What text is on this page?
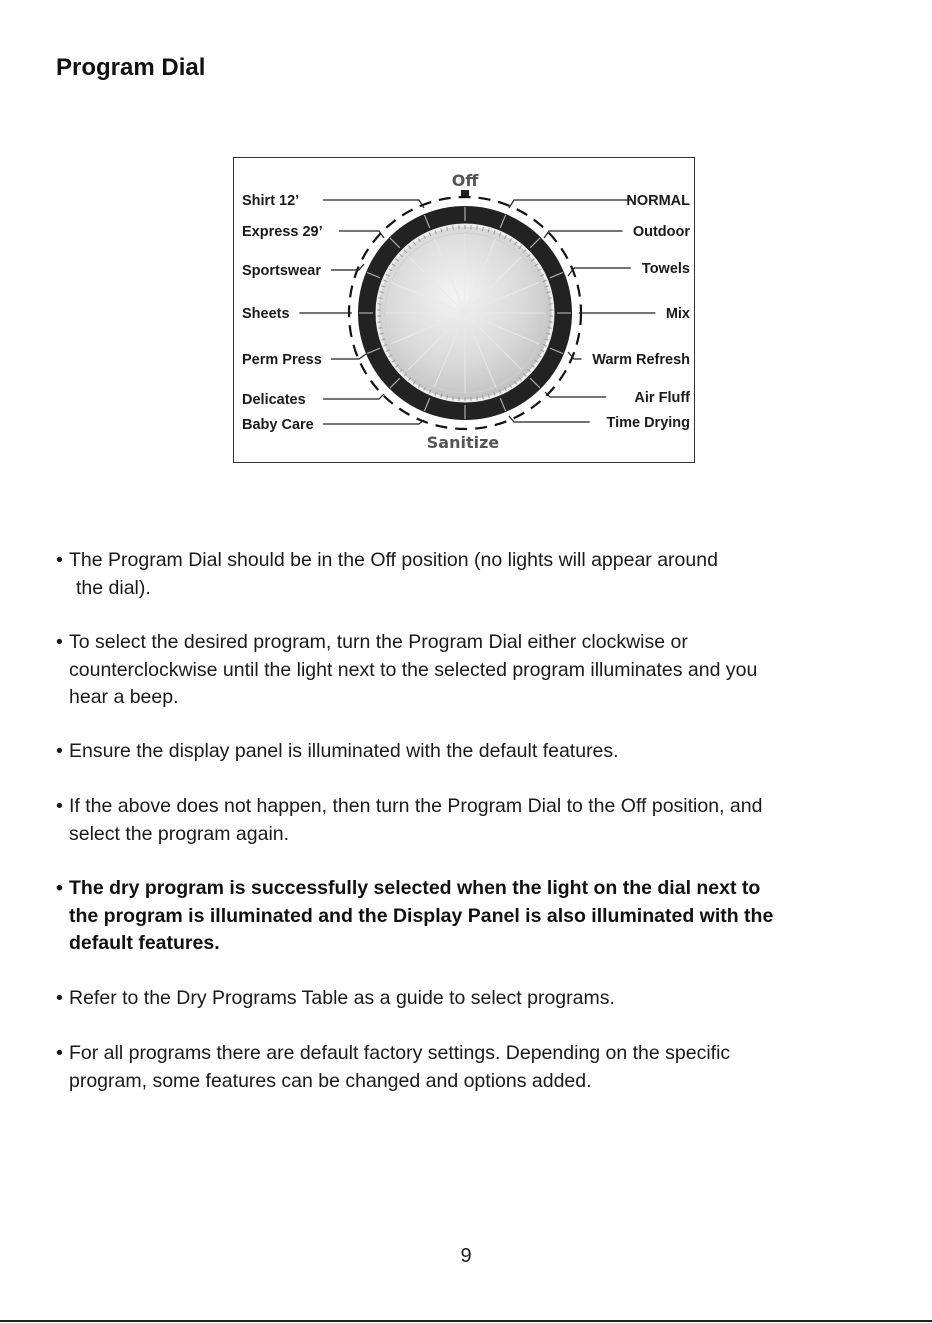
Program Dial
Off
Sanitize
Shirt 12’
Express 29’
Sportswear
Sheets
Perm Press
Delicates
Baby Care
NORMAL
Outdoor
Towels
Mix
Warm Refresh
Air Fluff
Time Drying
• The Program Dial should be in the Off position (no lights will appear around
the dial).
• To select the desired program, turn the Program Dial either clockwise or
counterclockwise until the light next to the selected program illuminates and you
hear a beep.
• Ensure the display panel is illuminated with the default features.
• If the above does not happen, then turn the Program Dial to the Off position, and
select the program again.
• The dry program is successfully selected when the light on the dial next to
the program is illuminated and the Display Panel is also illuminated with the
default features.
• Refer to the Dry Programs Table as a guide to select programs.
• For all programs there are default factory settings. Depending on the specific
program, some features can be changed and options added.
9
